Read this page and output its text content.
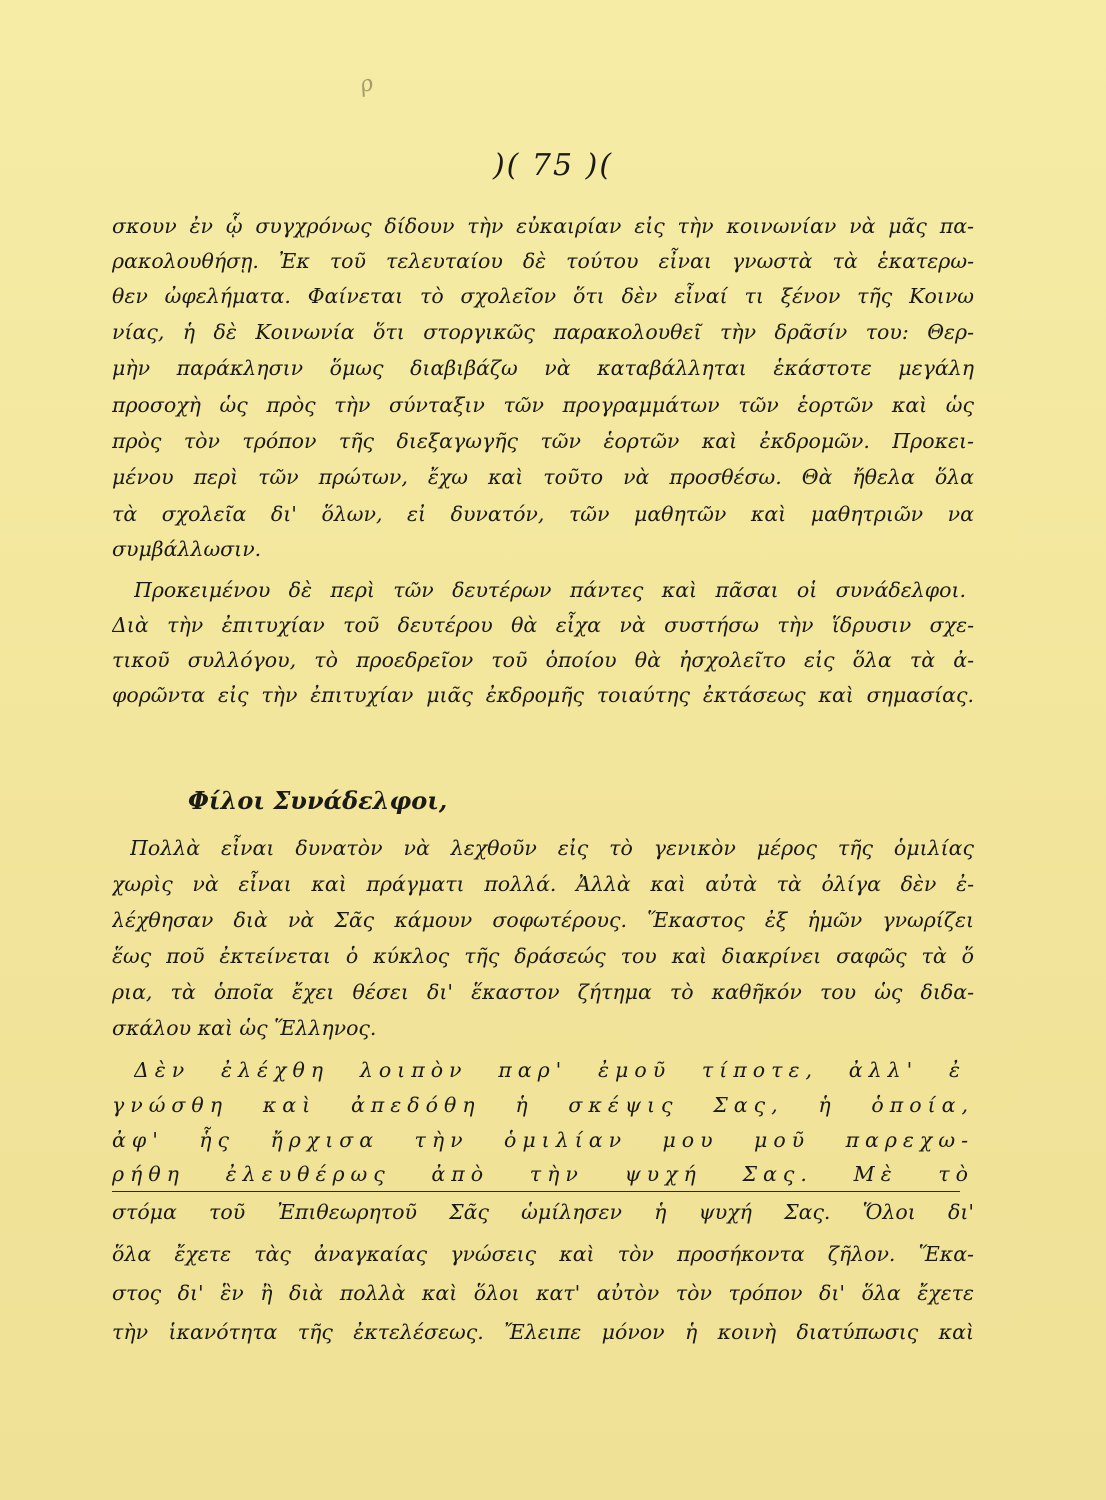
ρ
)( 75 )(
σκουν ἐν ᾧ συγχρόνως δίδουν τὴν εὐκαιρίαν εἰς τὴν κοινωνίαν νὰ μᾶς πα-
ρακολουθήσῃ. Ἐκ τοῦ τελευταίου δὲ τούτου εἶναι γνωστὰ τὰ ἑκατερω-
θεν ὠφελήματα. Φαίνεται τὸ σχολεῖον ὅτι δὲν εἶναί τι ξένον τῆς Κοινω
νίας, ἡ δὲ Κοινωνία ὅτι στοργικῶς παρακολουθεῖ τὴν δρᾶσίν του: Θερ-
μὴν παράκλησιν ὅμως διαβιβάζω νὰ καταβάλληται ἑκάστοτε μεγάλη
προσοχὴ ὡς πρὸς τὴν σύνταξιν τῶν προγραμμάτων τῶν ἑορτῶν καὶ ὡς
πρὸς τὸν τρόπον τῆς διεξαγωγῆς τῶν ἑορτῶν καὶ ἐκδρομῶν. Προκει-
μένου περὶ τῶν πρώτων, ἔχω καὶ τοῦτο νὰ προσθέσω. Θὰ ἤθελα ὅλα
τὰ σχολεῖα δι' ὅλων, εἰ δυνατόν, τῶν μαθητῶν καὶ μαθητριῶν να
συμβάλλωσιν.
Προκειμένου δὲ περὶ τῶν δευτέρων πάντες καὶ πᾶσαι οἱ συνάδελφοι.
Διὰ τὴν ἐπιτυχίαν τοῦ δευτέρου θὰ εἶχα νὰ συστήσω τὴν ἵδρυσιν σχε-
τικοῦ συλλόγου, τὸ προεδρεῖον τοῦ ὁποίου θὰ ἠσχολεῖτο εἰς ὅλα τὰ ἀ-
φορῶντα εἰς τὴν ἐπιτυχίαν μιᾶς ἐκδρομῆς τοιαύτης ἐκτάσεως καὶ σημασίας.
Φίλοι Συνάδελφοι,
Πολλὰ εἶναι δυνατὸν νὰ λεχθοῦν εἰς τὸ γενικὸν μέρος τῆς ὁμιλίας
χωρὶς νὰ εἶναι καὶ πράγματι πολλά. Ἀλλὰ καὶ αὐτὰ τὰ ὀλίγα δὲν ἐ-
λέχθησαν διὰ νὰ Σᾶς κάμουν σοφωτέρους. Ἕκαστος ἐξ ἡμῶν γνωρίζει
ἕως ποῦ ἐκτείνεται ὁ κύκλος τῆς δράσεώς του καὶ διακρίνει σαφῶς τὰ ὅ
ρια, τὰ ὁποῖα ἔχει θέσει δι' ἕκαστον ζήτημα τὸ καθῆκόν του ὡς διδα-
σκάλου καὶ ὡς Ἕλληνος.
Δὲν ἐλέχθη λοιπὸν παρ' ἐμοῦ τίποτε, ἀλλ' ἐ
γνώσθη καὶ ἀπεδόθη ἡ σκέψις Σας, ἡ ὁποία,
ἀφ' ἧς ἤρχισα τὴν ὁμιλίαν μου μοῦ παρεχω-
ρήθη ἐλευθέρως ἀπὸ τὴν ψυχή Σας. Μὲ τὸ
στόμα τοῦ Ἐπιθεωρητοῦ Σᾶς ὡμίλησεν ἡ ψυχή Σας. Ὅλοι δι'
ὅλα ἔχετε τὰς ἀναγκαίας γνώσεις καὶ τὸν προσήκοντα ζῆλον. Ἕκα-
στος δι' ἓν ἢ διὰ πολλὰ καὶ ὅλοι κατ' αὐτὸν τὸν τρόπον δι' ὅλα ἔχετε
τὴν ἱκανότητα τῆς ἐκτελέσεως. Ἔλειπε μόνον ἡ κοινὴ διατύπωσις καὶ
